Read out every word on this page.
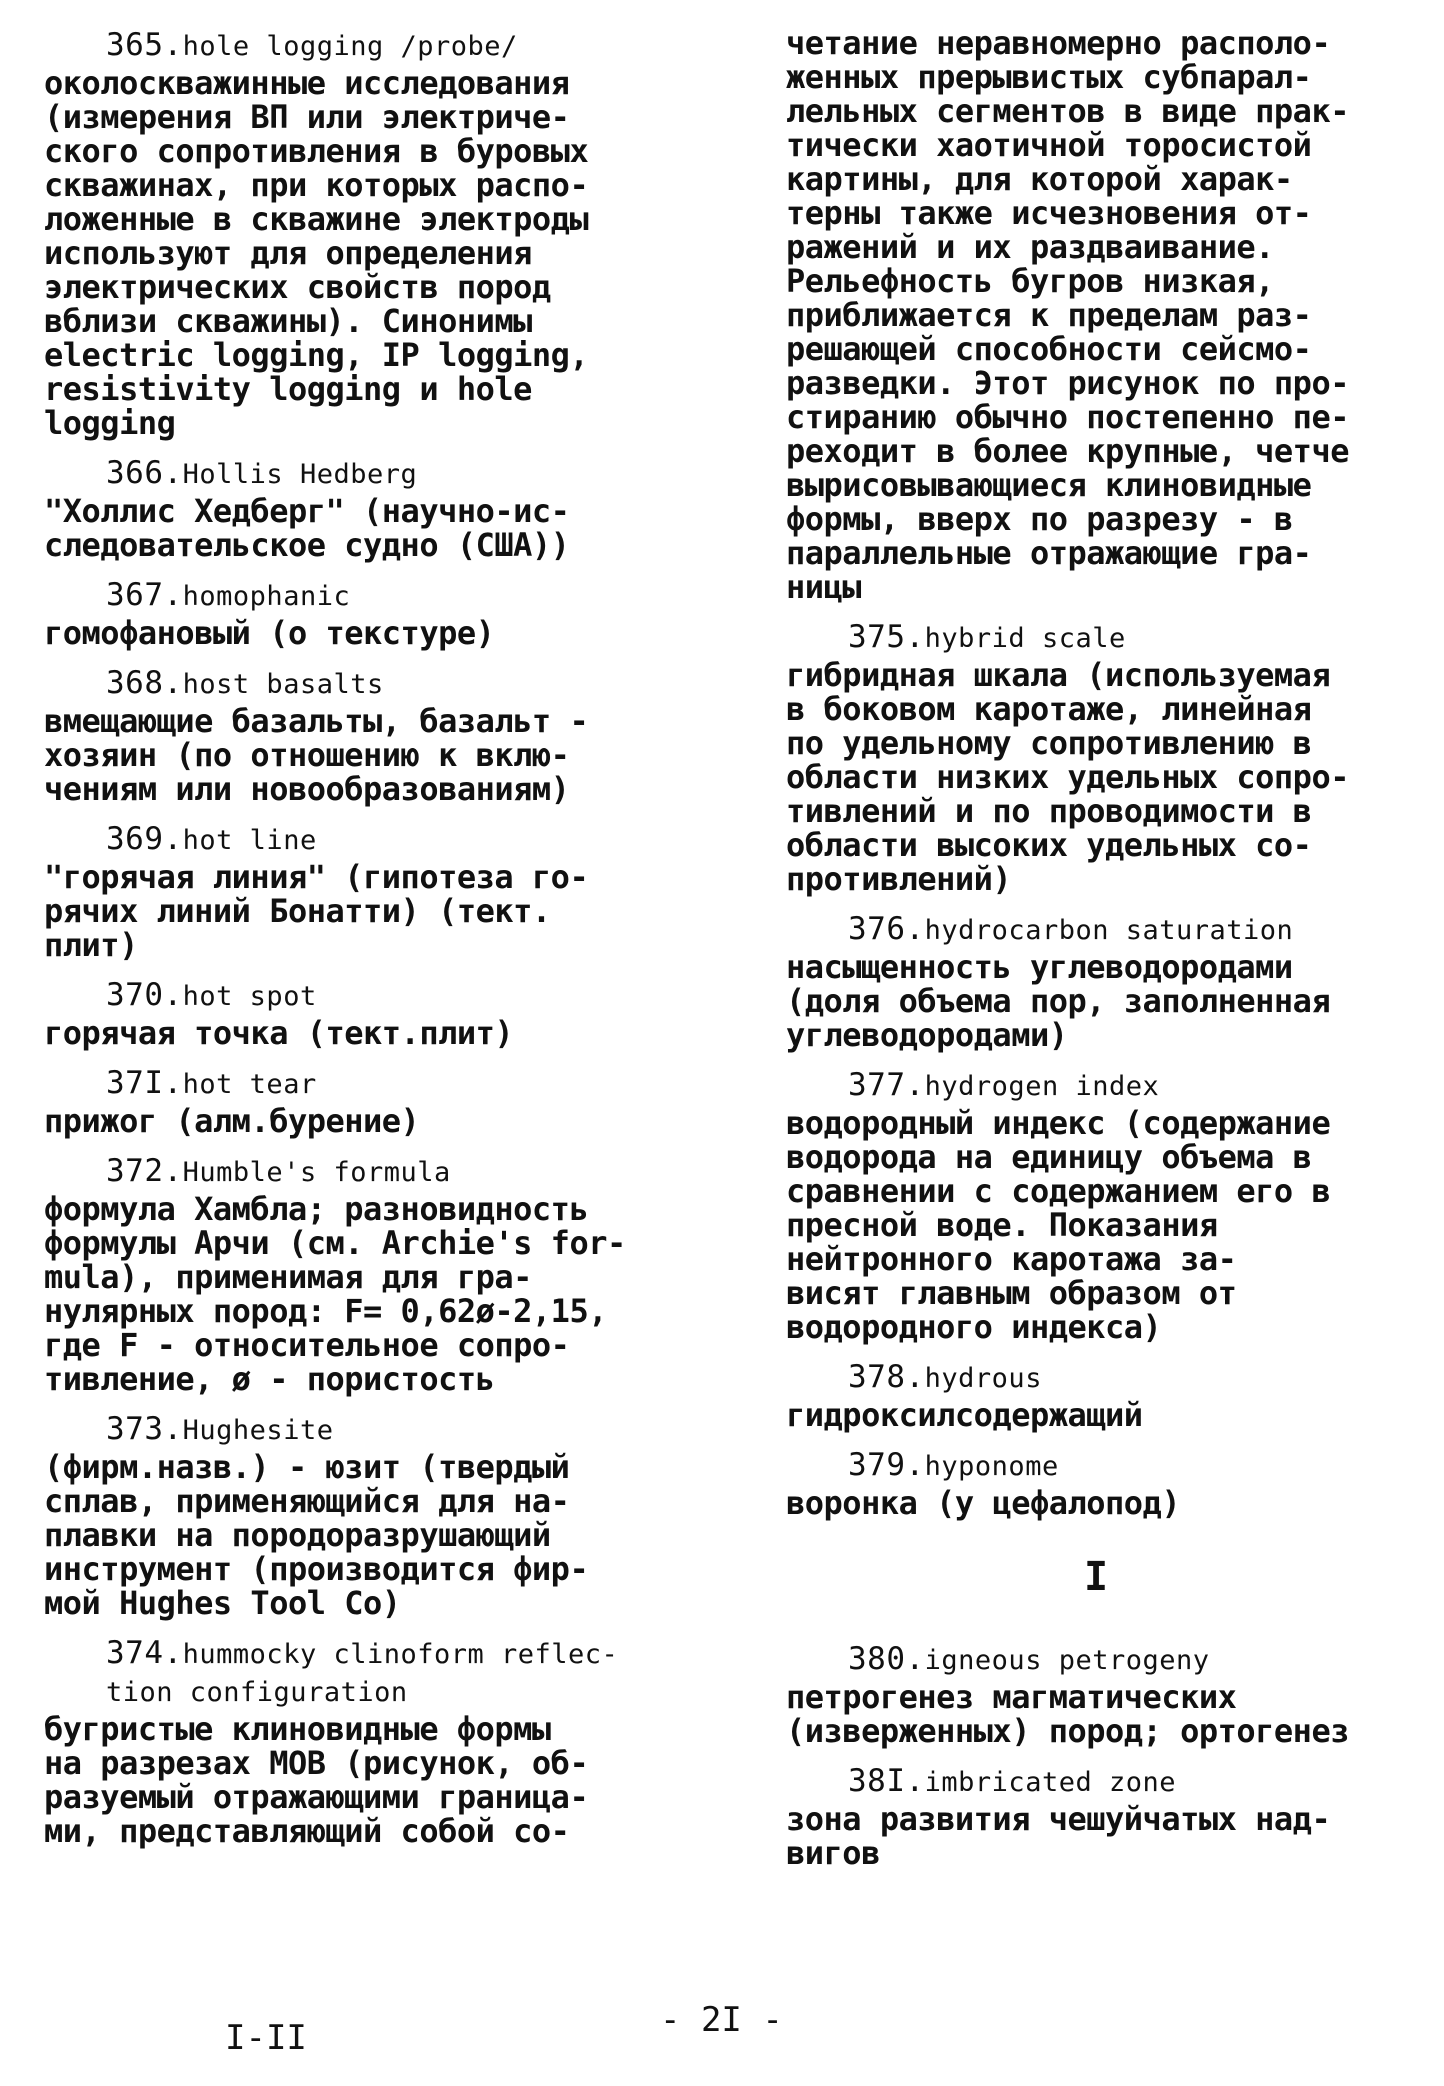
365.hole logging /probe/
околоскважинные исследования
(измерения ВП или электриче-
ского сопротивления в буровых
скважинах, при которых распо-
ложенные в скважине электроды
используют для определения
электрических свойств пород
вблизи скважины). Синонимы
electric logging, IP logging,
resistivity logging и hole
logging
366.Hollis Hedberg
"Холлис Хедберг" (научно-ис-
следовательское судно (США))
367.homophanic
гомофановый (о текстуре)
368.host basalts
вмещающие базальты, базальт -
хозяин (по отношению к вклю-
чениям или новообразованиям)
369.hot line
"горячая линия" (гипотеза го-
рячих линий Бонатти) (тект.
плит)
370.hot spot
горячая точка (тект.плит)
37I.hot tear
прижог (алм.бурение)
372.Humble's formula
формула Хамбла; разновидность
формулы Арчи (см. Archie's for-
mula), применимая для гра-
нулярных пород: F= 0,62ø-2,15,
где F - относительное сопро-
тивление, ø - пористость
373.Hughesite
(фирм.назв.) - юзит (твердый
сплав, применяющийся для на-
плавки на породоразрушающий
инструмент (производится фир-
мой Hughes Tool Co)
374.hummocky clinoform reflec-
tion configuration
бугристые клиновидные формы
на разрезах МОВ (рисунок, об-
разуемый отражающими граница-
ми, представляющий собой со-
четание неравномерно располо-
женных прерывистых субпарал-
лельных сегментов в виде прак-
тически хаотичной торосистой
картины, для которой харак-
терны также исчезновения от-
ражений и их раздваивание.
Рельефность бугров низкая,
приближается к пределам раз-
решающей способности сейсмо-
разведки. Этот рисунок по про-
стиранию обычно постепенно пе-
реходит в более крупные, четче
вырисовывающиеся клиновидные
формы, вверх по разрезу - в
параллельные отражающие гра-
ницы
375.hybrid scale
гибридная шкала (используемая
в боковом каротаже, линейная
по удельному сопротивлению в
области низких удельных сопро-
тивлений и по проводимости в
области высоких удельных со-
противлений)
376.hydrocarbon saturation
насыщенность углеводородами
(доля объема пор, заполненная
углеводородами)
377.hydrogen index
водородный индекс (содержание
водорода на единицу объема в
сравнении с содержанием его в
пресной воде. Показания
нейтронного каротажа за-
висят главным образом от
водородного индекса)
378.hydrous
гидроксилсодержащий
379.hyponome
воронка (у цефалопод)
I
380.igneous petrogeny
петрогенез магматических
(изверженных) пород; ортогенез
38I.imbricated zone
зона развития чешуйчатых над-
вигов
I-II	- 2I -
